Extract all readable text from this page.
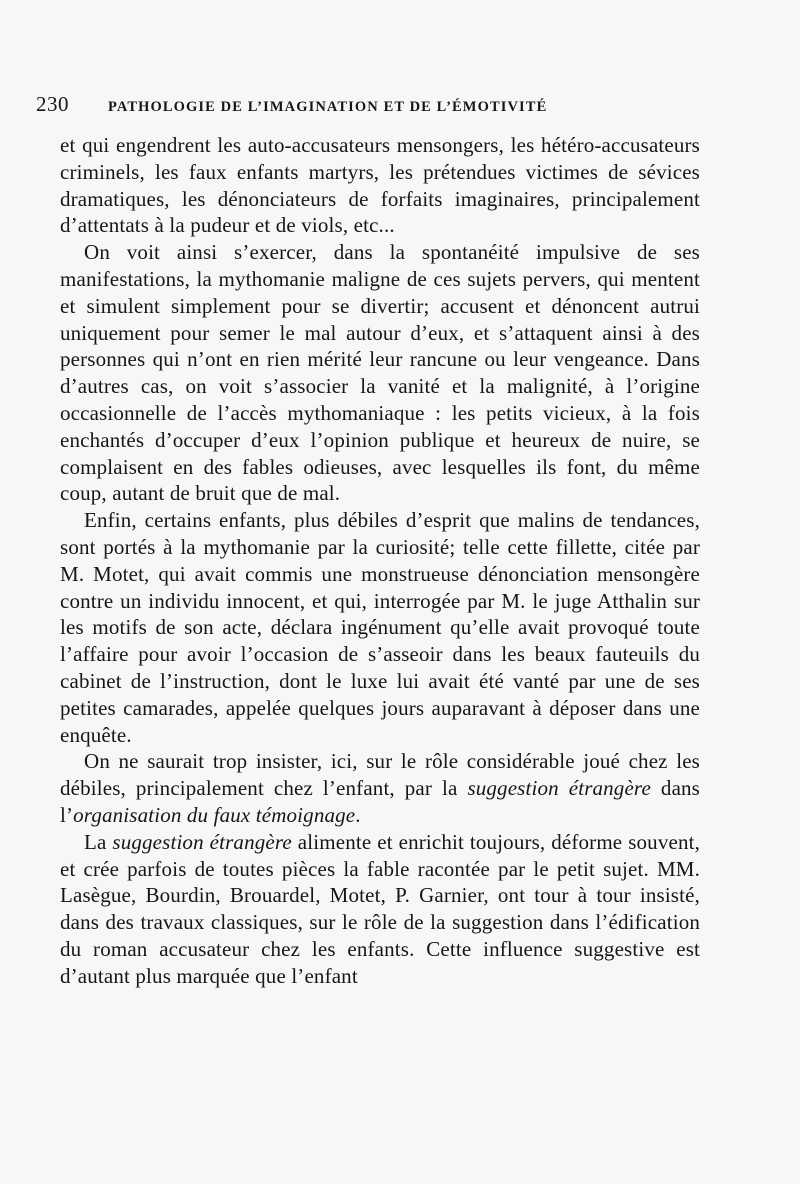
230	PATHOLOGIE DE L’IMAGINATION ET DE L’ÉMOTIVITÉ

et qui engendrent les auto-accusateurs mensongers, les hétéro-accusateurs criminels, les faux enfants martyrs, les prétendues victimes de sévices dramatiques, les dénonciateurs de forfaits imaginaires, principalement d’attentats à la pudeur et de viols, etc...

On voit ainsi s’exercer, dans la spontanéité impulsive de ses manifestations, la mythomanie maligne de ces sujets pervers, qui mentent et simulent simplement pour se divertir; accusent et dénoncent autrui uniquement pour semer le mal autour d’eux, et s’attaquent ainsi à des personnes qui n’ont en rien mérité leur rancune ou leur vengeance. Dans d’autres cas, on voit s’associer la vanité et la malignité, à l’origine occasionnelle de l’accès mythomaniaque : les petits vicieux, à la fois enchantés d’occuper d’eux l’opinion publique et heureux de nuire, se complaisent en des fables odieuses, avec lesquelles ils font, du même coup, autant de bruit que de mal.

Enfin, certains enfants, plus débiles d’esprit que malins de tendances, sont portés à la mythomanie par la curiosité; telle cette fillette, citée par M. Motet, qui avait commis une monstrueuse dénonciation mensongère contre un individu innocent, et qui, interrogée par M. le juge Atthalin sur les motifs de son acte, déclara ingénument qu’elle avait provoqué toute l’affaire pour avoir l’occasion de s’asseoir dans les beaux fauteuils du cabinet de l’instruction, dont le luxe lui avait été vanté par une de ses petites camarades, appelée quelques jours auparavant à déposer dans une enquête.

On ne saurait trop insister, ici, sur le rôle considérable joué chez les débiles, principalement chez l’enfant, par la suggestion étrangère dans l’organisation du faux témoignage.

La suggestion étrangère alimente et enrichit toujours, déforme souvent, et crée parfois de toutes pièces la fable racontée par le petit sujet. MM. Lasègue, Bourdin, Brouardel, Motet, P. Garnier, ont tour à tour insisté, dans des travaux classiques, sur le rôle de la suggestion dans l’édification du roman accusateur chez les enfants. Cette influence suggestive est d’autant plus marquée que l’enfant
